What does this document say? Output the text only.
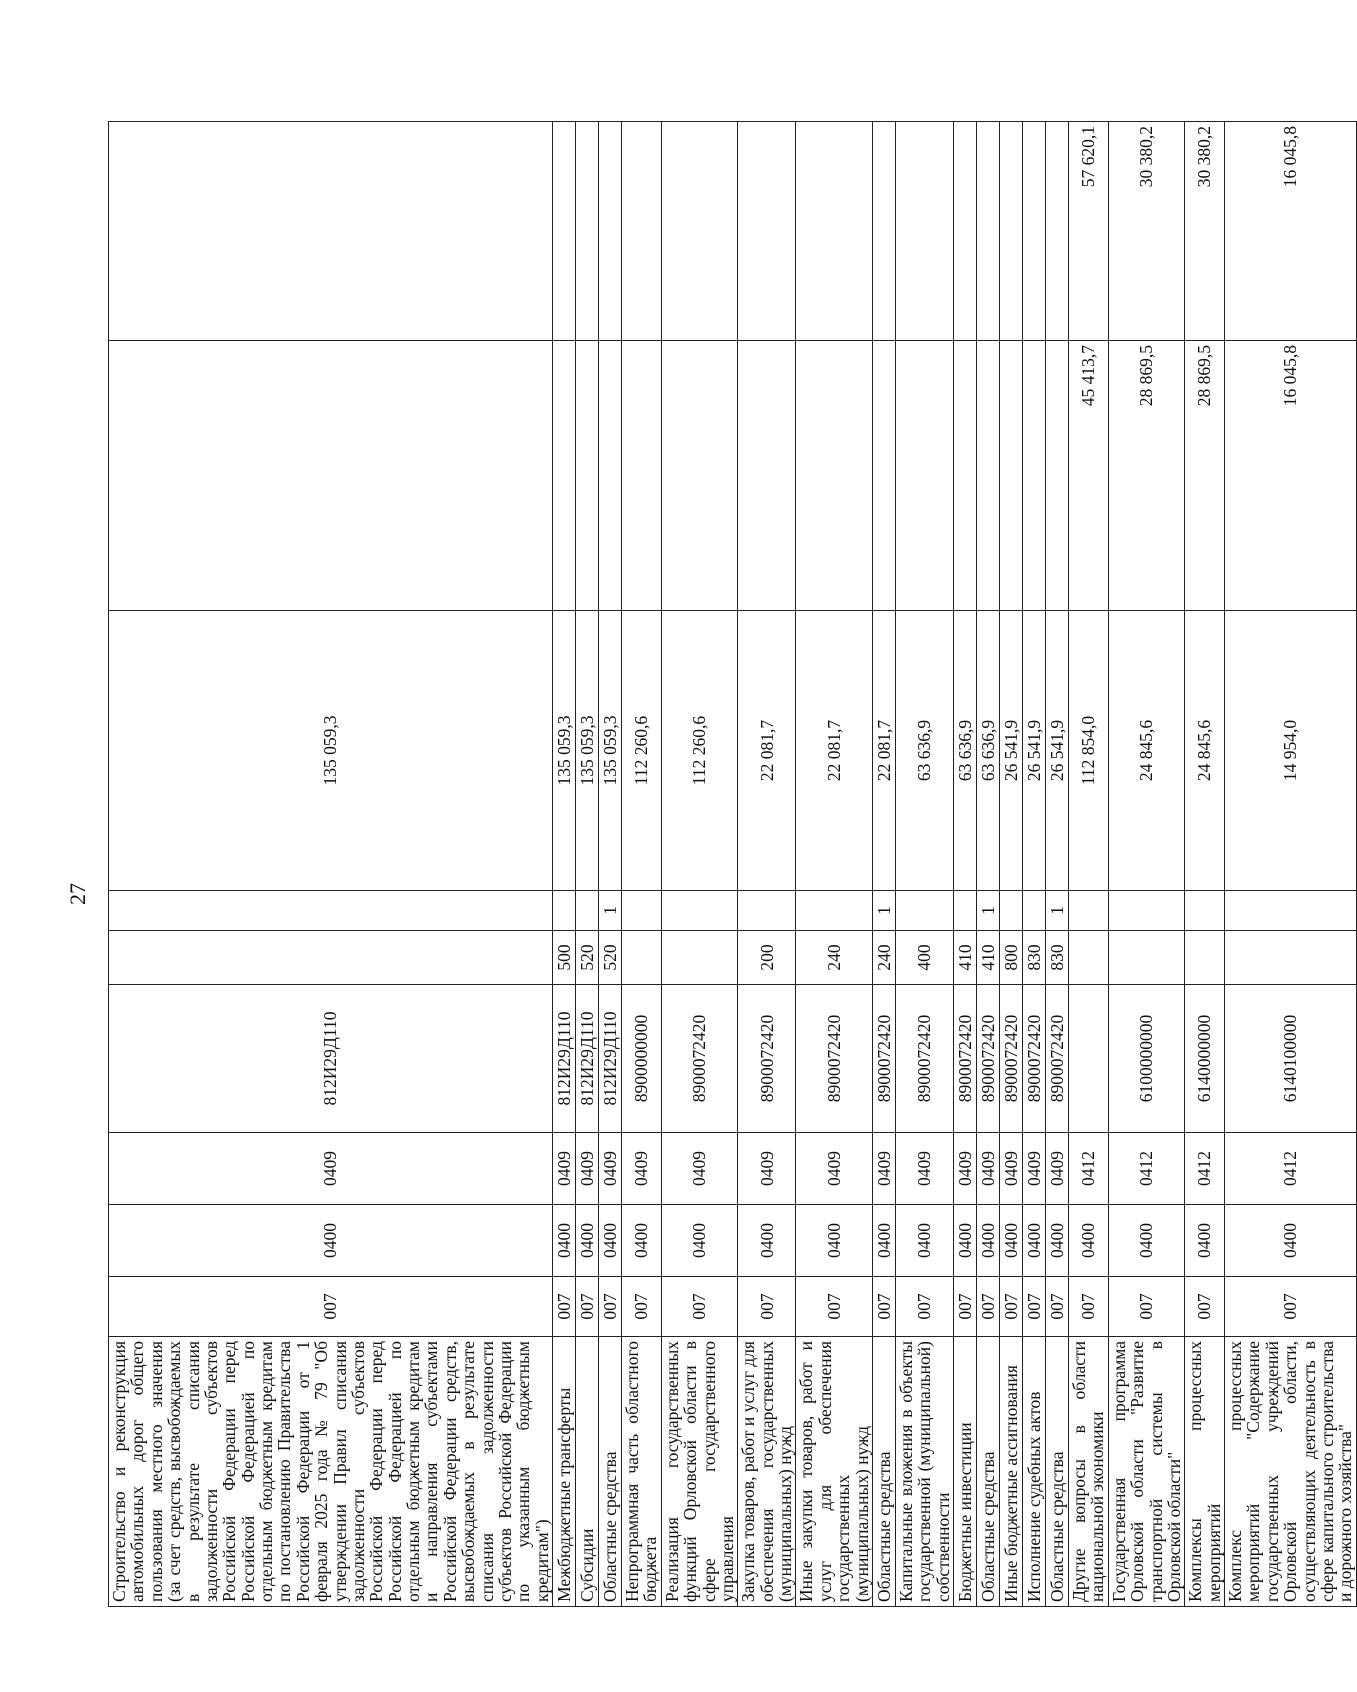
27
Строительство и реконструкция автомобильных дорог общего пользования местного значения (за счет средств, высвобождаемых в результате списания задолженности субъектов Российской Федерации перед Российской Федерацией по отдельным бюджетным кредитам по постановлению Правительства Российской Федерации от 1 февраля 2025 года № 79 "Об утверждении Правил списания задолженности субъектов Российской Федерации перед Российской Федерацией по отдельным бюджетным кредитам и направления субъектами Российской Федерации средств, высвобождаемых в результате списания задолженности субъектов Российской Федерации по указанным бюджетным кредитам")	007	0400	0409	812И29Д110			135 059,3		
Межбюджетные трансферты	007	0400	0409	812И29Д110	500		135 059,3		
Субсидии	007	0400	0409	812И29Д110	520		135 059,3		
Областные средства	007	0400	0409	812И29Д110	520	1	135 059,3		
Непрограммная часть областного бюджета	007	0400	0409	8900000000			112 260,6		
Реализация государственных функций Орловской области в сфере государственного управления	007	0400	0409	8900072420			112 260,6		
Закупка товаров, работ и услуг для обеспечения государственных (муниципальных) нужд	007	0400	0409	8900072420	200		22 081,7		
Иные закупки товаров, работ и услуг для обеспечения государственных (муниципальных) нужд	007	0400	0409	8900072420	240		22 081,7		
Областные средства	007	0400	0409	8900072420	240	1	22 081,7		
Капитальные вложения в объекты государственной (муниципальной) собственности	007	0400	0409	8900072420	400		63 636,9		
Бюджетные инвестиции	007	0400	0409	8900072420	410		63 636,9		
Областные средства	007	0400	0409	8900072420	410	1	63 636,9		
Иные бюджетные ассигнования	007	0400	0409	8900072420	800		26 541,9		
Исполнение судебных актов	007	0400	0409	8900072420	830		26 541,9		
Областные средства	007	0400	0409	8900072420	830	1	26 541,9		
Другие вопросы в области национальной экономики	007	0400	0412				112 854,0	45 413,7	57 620,1
Государственная программа Орловской области "Развитие транспортной системы в Орловской области"	007	0400	0412	6100000000			24 845,6	28 869,5	30 380,2
Комплексы процессных мероприятий	007	0400	0412	6140000000			24 845,6	28 869,5	30 380,2
Комплекс процессных мероприятий "Содержание государственных учреждений Орловской области, осуществляющих деятельность в сфере капитального строительства и дорожного хозяйства"	007	0400	0412	6140100000			14 954,0	16 045,8	16 045,8
